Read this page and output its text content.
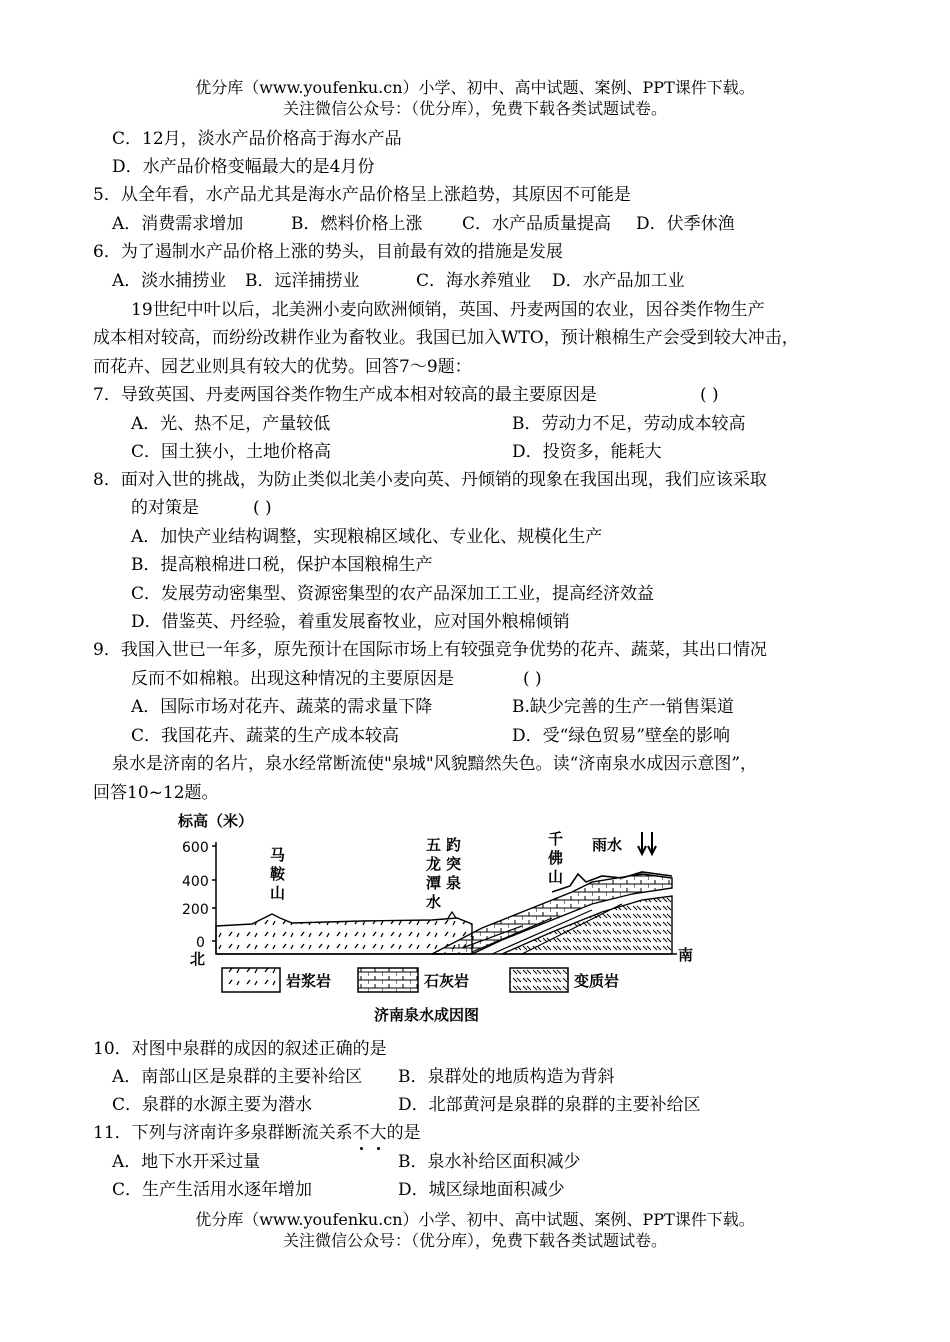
优分库（www.youfenku.cn）小学、初中、高中试题、案例、PPT课件下载。
关注微信公众号：（优分库），免费下载各类试题试卷。
C．12月，淡水产品价格高于海水产品
D．水产品价格变幅最大的是4月份
5．从全年看，水产品尤其是海水产品价格呈上涨趋势，其原因不可能是
A．消费需求增加	B．燃料价格上涨 C．水产品质量提高 D．伏季休渔
6．为了遏制水产品价格上涨的势头，目前最有效的措施是发展
A．淡水捕捞业 B．远洋捕捞业	C．海水养殖业 D．水产品加工业
19世纪中叶以后，北美洲小麦向欧洲倾销，英国、丹麦两国的农业，因谷类作物生产
成本相对较高，而纷纷改耕作业为畜牧业。我国已加入WTO，预计粮棉生产会受到较大冲击，
而花卉、园艺业则具有较大的优势。回答7～9题：
7．导致英国、丹麦两国谷类作物生产成本相对较高的最主要原因是	( )
A．光、热不足，产量较低	B．劳动力不足，劳动成本较高
C．国土狭小，土地价格高	D．投资多，能耗大
8．面对入世的挑战，为防止类似北美小麦向英、丹倾销的现象在我国出现，我们应该采取
的对策是	( )
A．加快产业结构调整，实现粮棉区域化、专业化、规模化生产
B．提高粮棉进口税，保护本国粮棉生产
C．发展劳动密集型、资源密集型的农产品深加工工业，提高经济效益
D．借鉴英、丹经验，着重发展畜牧业，应对国外粮棉倾销
9．我国入世已一年多，原先预计在国际市场上有较强竞争优势的花卉、蔬菜，其出口情况
反而不如棉粮。出现这种情况的主要原因是	( )
A．国际市场对花卉、蔬菜的需求量下降	B.缺少完善的生产一销售渠道
C．我国花卉、蔬菜的生产成本较高	D．受“绿色贸易”壁垒的影响
泉水是济南的名片，泉水经常断流使"泉城"风貌黯然失色。读“济南泉水成因示意图”，
回答10~12题。
标高（米）
600
400
200
0
北	南
马
鞍
山
五
龙
潭
水
趵
突
泉
千
佛
山
雨水
岩浆岩	石灰岩	变质岩
济南泉水成因图
10．对图中泉群的成因的叙述正确的是
A．南部山区是泉群的主要补给区 B．泉群处的地质构造为背斜
C．泉群的水源主要为潜水	D．北部黄河是泉群的泉群的主要补给区
11．下列与济南许多泉群断流关系不大的是
A．地下水开采过量	B．泉水补给区面积减少
C．生产生活用水逐年增加	D．城区绿地面积减少
优分库（www.youfenku.cn）小学、初中、高中试题、案例、PPT课件下载。
关注微信公众号：（优分库），免费下载各类试题试卷。
